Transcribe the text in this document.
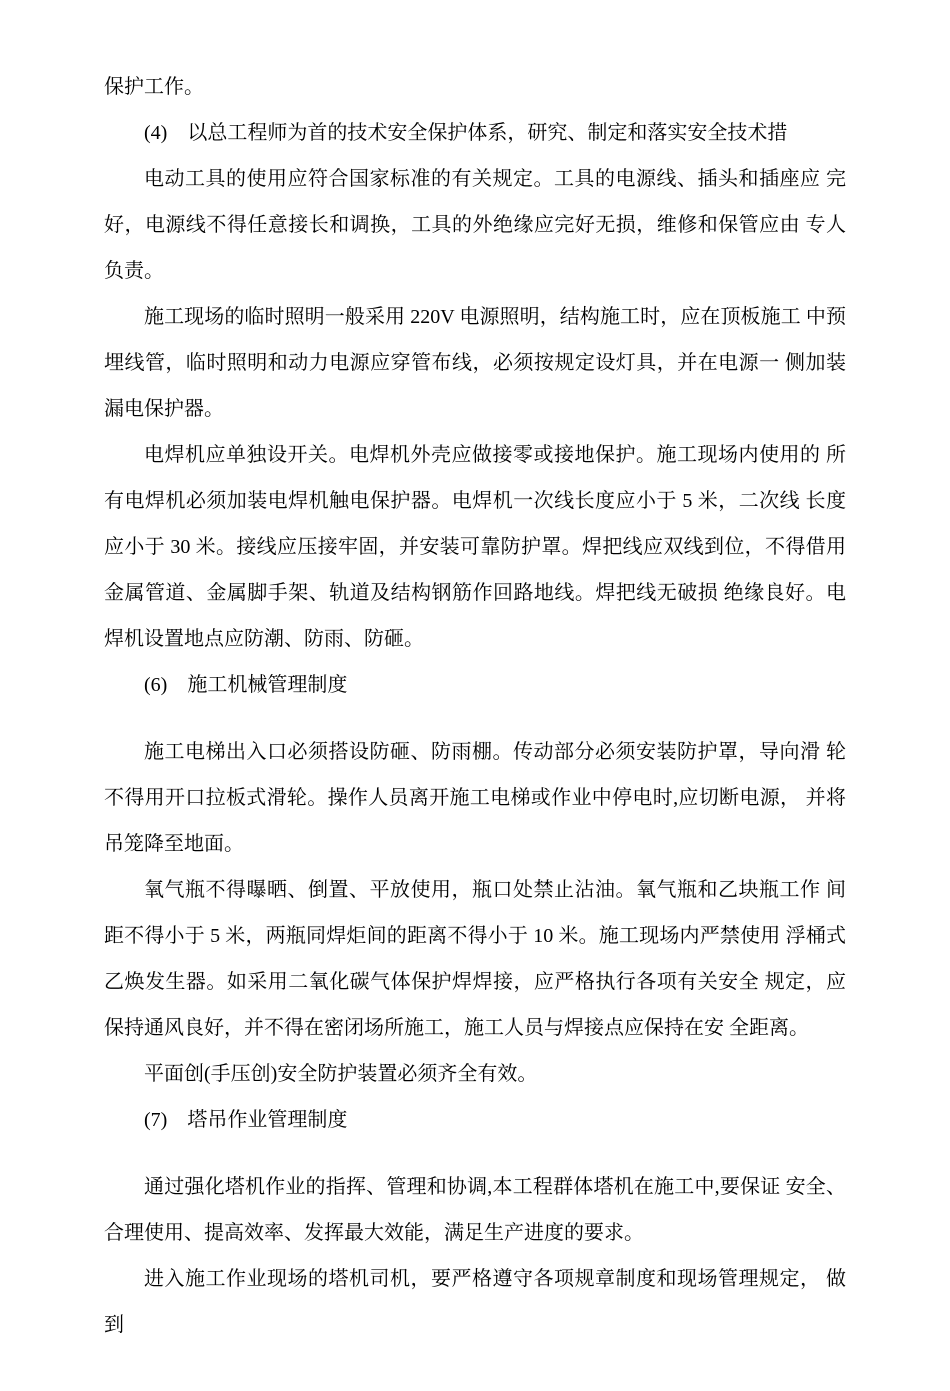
保护工作。

(4)　以总工程师为首的技术安全保护体系，研究、制定和落实安全技术措

电动工具的使用应符合国家标准的有关规定。工具的电源线、插头和插座应 完好，电源线不得任意接长和调换，工具的外绝缘应完好无损，维修和保管应由 专人负责。

施工现场的临时照明一般采用 220V 电源照明，结构施工时，应在顶板施工 中预埋线管，临时照明和动力电源应穿管布线，必须按规定设灯具，并在电源一 侧加装漏电保护器。

电焊机应单独设开关。电焊机外壳应做接零或接地保护。施工现场内使用的 所有电焊机必须加装电焊机触电保护器。电焊机一次线长度应小于 5 米，二次线 长度应小于 30 米。接线应压接牢固，并安装可靠防护罩。焊把线应双线到位，不得借用金属管道、金属脚手架、轨道及结构钢筋作回路地线。焊把线无破损 绝缘良好。电焊机设置地点应防潮、防雨、防砸。

(6)　施工机械管理制度

施工电梯出入口必须搭设防砸、防雨棚。传动部分必须安装防护罩，导向滑 轮不得用开口拉板式滑轮。操作人员离开施工电梯或作业中停电时,应切断电源， 并将吊笼降至地面。

氧气瓶不得曝晒、倒置、平放使用，瓶口处禁止沾油。氧气瓶和乙块瓶工作 间距不得小于 5 米，两瓶同焊炬间的距离不得小于 10 米。施工现场内严禁使用 浮桶式乙焕发生器。如采用二氧化碳气体保护焊焊接，应严格执行各项有关安全 规定，应保持通风良好，并不得在密闭场所施工，施工人员与焊接点应保持在安 全距离。

平面创(手压创)安全防护装置必须齐全有效。

(7)　塔吊作业管理制度

通过强化塔机作业的指挥、管理和协调,本工程群体塔机在施工中,要保证 安全、合理使用、提高效率、发挥最大效能，满足生产进度的要求。

进入施工作业现场的塔机司机，要严格遵守各项规章制度和现场管理规定， 做到
